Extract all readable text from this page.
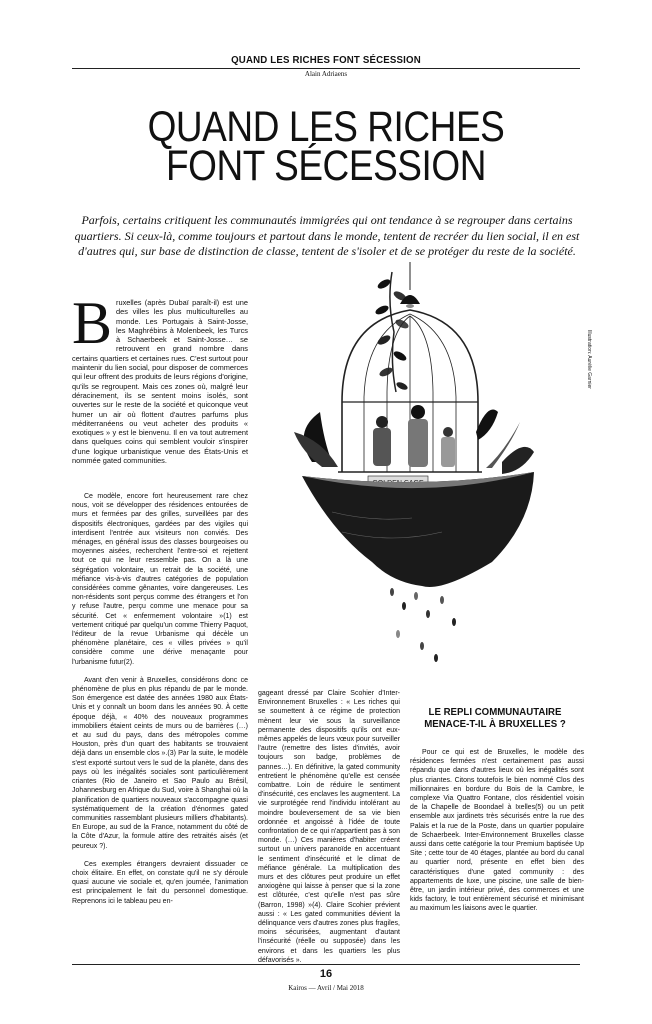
QUAND LES RICHES FONT SÉCESSION
Alain Adriaens
QUAND LES RICHES
FONT SÉCESSION
Parfois, certains critiquent les communautés immigrées qui ont tendance à se regrouper dans certains quartiers. Si ceux-là, comme toujours et partout dans le monde, tentent de recréer du lien social, il en est d'autres qui, sur base de distinction de classe, tentent de s'isoler et de se protéger du reste de la société.
Illustration: Aurélie Garnier
B ruxelles (après Dubaï paraît-il) est une des villes les plus multiculturelles au monde. Les Portugais à Saint-Josse, les Maghrébins à Molenbeek, les Turcs à Schaerbeek et Saint-Josse… se retrouvent en grand nombre dans certains quartiers et certaines rues. C'est surtout pour maintenir du lien social, pour disposer de commerces qui leur offrent des produits de leurs régions d'origine, qu'ils se regroupent. Mais ces zones où, malgré leur déracinement, ils se sentent moins isolés, sont ouvertes sur le reste de la société et quiconque veut humer un air où flottent d'autres parfums plus méditerranéens ou veut acheter des produits « exotiques » y est le bienvenu. Il en va tout autrement dans quelques coins qui semblent vouloir s'inspirer d'une logique urbanistique venue des États-Unis et nommée gated communities.

Ce modèle, encore fort heureusement rare chez nous, voit se développer des résidences entourées de murs et fermées par des grilles, surveillées par des dispositifs électroniques, gardées par des vigiles qui interdisent l'entrée aux visiteurs non conviés. Des ménages, en général issus des classes bourgeoises ou moyennes aisées, recherchent l'entre-soi et rejettent tout ce qui ne leur ressemble pas. On a là une ségrégation volontaire, un retrait de la société, une méfiance vis-à-vis d'autres catégories de population considérées comme gênantes, voire dangereuses. Les non-résidents sont perçus comme des étrangers et l'on y refuse l'autre, perçu comme une menace pour sa sécurité. Cet « enfermement volontaire »(1) est vertement critiqué par quelqu'un comme Thierry Paquot, l'éditeur de la revue Urbanisme qui décèle un phénomène planétaire, ces « villes privées » qu'il considère comme une dérive menaçante pour l'urbanisme futur(2).

Avant d'en venir à Bruxelles, considérons donc ce phénomène de plus en plus répandu de par le monde. Son émergence est datée des années 1980 aux États-Unis et y connaît un boom dans les années 90. À cette époque déjà, « 40% des nouveaux programmes immobiliers étaient ceints de murs ou de barrières (…) et au sud du pays, dans des métropoles comme Houston, près d'un quart des habitants se trouvaient déjà dans un ensemble clos ».(3) Par la suite, le modèle s'est exporté surtout vers le sud de la planète, dans des pays où les inégalités sociales sont particulièrement criantes (Rio de Janeiro et Sao Paulo au Brésil, Johannesburg en Afrique du Sud, voire à Shanghai où la planification de quartiers nouveaux s'accompagne quasi systématiquement de la création d'énormes gated communities rassemblant plusieurs milliers d'habitants). En Europe, au sud de la France, notamment du côté de la Côte d'Azur, la formule attire des retraités aisés (et peureux ?).

Ces exemples étrangers devraient dissuader ce choix élitaire. En effet, on constate qu'il ne s'y déroule quasi aucune vie sociale et, qu'en journée, l'animation est principalement le fait du personnel domestique. Reprenons ici le tableau peu en-

gageant dressé par Claire Scohier d'Inter-Environnement Bruxelles : « Les riches qui se soumettent à ce régime de protection mènent leur vie sous la surveillance permanente des dispositifs qu'ils ont eux-mêmes appelés de leurs vœux pour surveiller l'autre (remettre des listes d'invités, avoir toujours son badge, problèmes de pannes…). En définitive, la gated community entretient le phénomène qu'elle est censée combattre. Loin de réduire le sentiment d'insécurité, ces enclaves les augmentent. La vie surprotégée rend l'individu intolérant au moindre bouleversement de sa vie bien ordonnée et angoissé à l'idée de toute confrontation de ce qui n'appartient pas à son monde. (…) Ces manières d'habiter créent surtout un univers paranoïde en accentuant le sentiment d'insécurité et le climat de méfiance générale. La multiplication des murs et des clôtures peut produire un effet anxiogène qui laisse à penser que si la zone est clôturée, c'est qu'elle n'est pas sûre (Barron, 1998) »(4). Claire Scohier prévient aussi : « Les gated communities dévient la délinquance vers d'autres zones plus fragiles, moins sécurisées, augmentant d'autant l'insécurité (réelle ou supposée) dans les environs et dans les quartiers les plus défavorisés ».

LE REPLI COMMUNAUTAIRE
MENACE-T-IL À BRUXELLES ?

Pour ce qui est de Bruxelles, le modèle des résidences fermées n'est certainement pas aussi répandu que dans d'autres lieux où les inégalités sont plus criantes. Citons toutefois le bien nommé Clos des millionnaires en bordure du Bois de la Cambre, le complexe Via Quattro Fontane, clos résidentiel voisin de la Chapelle de Boondael à Ixelles(5) ou un petit ensemble aux jardinets très sécurisés entre la rue des Palais et la rue de la Poste, dans un quartier populaire de Schaerbeek. Inter-Environnement Bruxelles classe aussi dans cette catégorie la tour Premium baptisée Up Site ; cette tour de 40 étages, plantée au bord du canal au quartier nord, présente en effet bien des caractéristiques d'une gated community : des appartements de luxe, une piscine, une salle de bien-être, un jardin intérieur privé, des commerces et une kids factory, le tout entièrement sécurisé et minimisant au maximum les liaisons avec le quartier.

16
Kairos — Avril / Mai 2018
